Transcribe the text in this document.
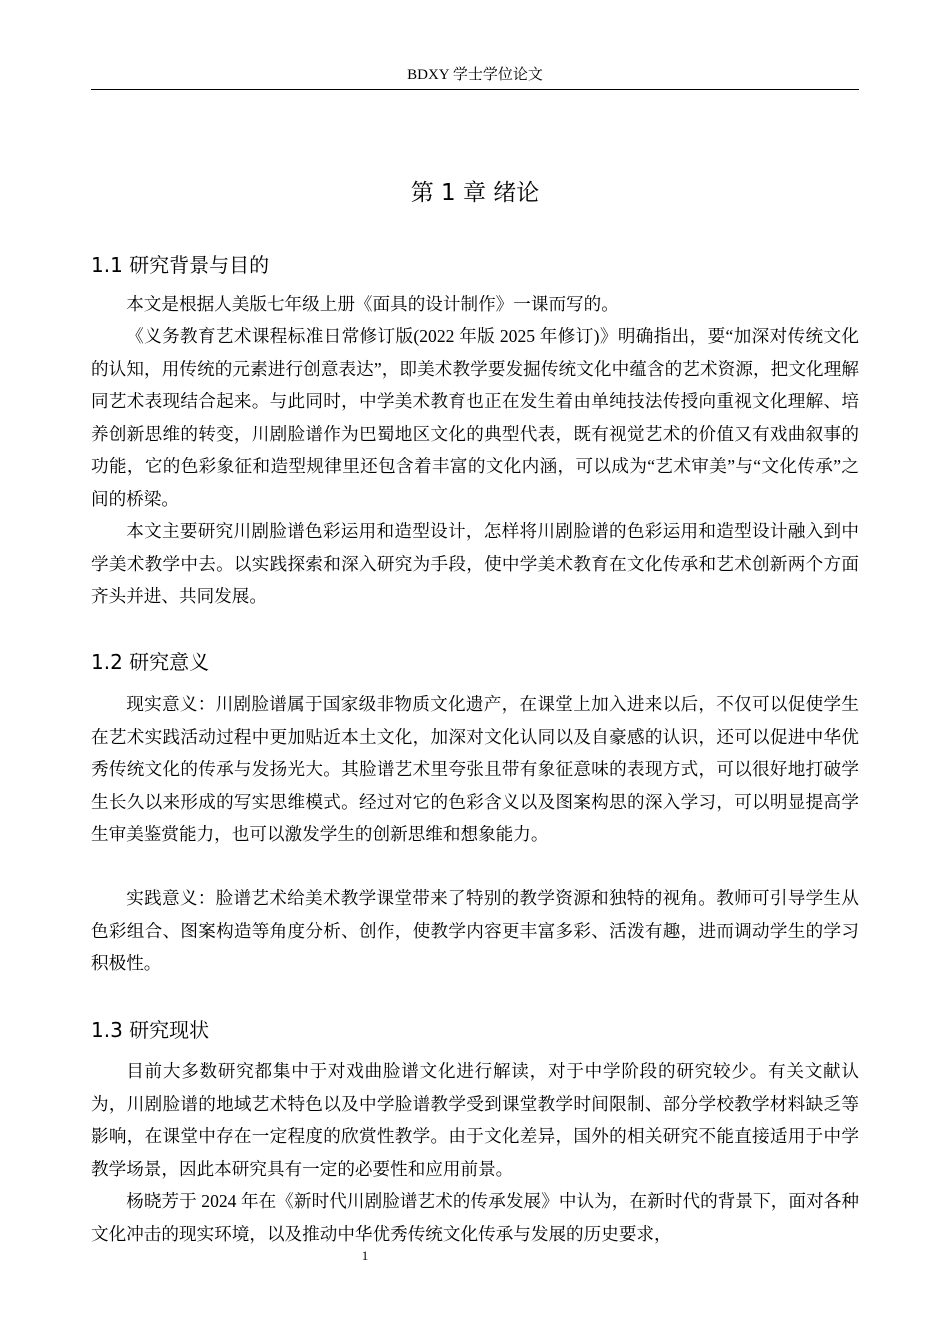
BDXY 学士学位论文
第 1 章 绪论
1.1 研究背景与目的

本文是根据人美版七年级上册《面具的设计制作》一课而写的。

《义务教育艺术课程标准日常修订版(2022 年版 2025 年修订)》明确指出，要“加深对传统文化的认知，用传统的元素进行创意表达”，即美术教学要发掘传统文化中蕴含的艺术资源，把文化理解同艺术表现结合起来。与此同时，中学美术教育也正在发生着由单纯技法传授向重视文化理解、培养创新思维的转变，川剧脸谱作为巴蜀地区文化的典型代表，既有视觉艺术的价值又有戏曲叙事的功能，它的色彩象征和造型规律里还包含着丰富的文化内涵，可以成为“艺术审美”与“文化传承”之间的桥梁。

本文主要研究川剧脸谱色彩运用和造型设计，怎样将川剧脸谱的色彩运用和造型设计融入到中学美术教学中去。以实践探索和深入研究为手段，使中学美术教育在文化传承和艺术创新两个方面齐头并进、共同发展。

1.2 研究意义

现实意义：川剧脸谱属于国家级非物质文化遗产，在课堂上加入进来以后，不仅可以促使学生在艺术实践活动过程中更加贴近本土文化，加深对文化认同以及自豪感的认识，还可以促进中华优秀传统文化的传承与发扬光大。其脸谱艺术里夸张且带有象征意味的表现方式，可以很好地打破学生长久以来形成的写实思维模式。经过对它的色彩含义以及图案构思的深入学习，可以明显提高学生审美鉴赏能力，也可以激发学生的创新思维和想象能力。

实践意义：脸谱艺术给美术教学课堂带来了特别的教学资源和独特的视角。教师可引导学生从色彩组合、图案构造等角度分析、创作，使教学内容更丰富多彩、活泼有趣，进而调动学生的学习积极性。

1.3 研究现状

目前大多数研究都集中于对戏曲脸谱文化进行解读，对于中学阶段的研究较少。有关文献认为，川剧脸谱的地域艺术特色以及中学脸谱教学受到课堂教学时间限制、部分学校教学材料缺乏等影响，在课堂中存在一定程度的欣赏性教学。由于文化差异，国外的相关研究不能直接适用于中学教学场景，因此本研究具有一定的必要性和应用前景。

杨晓芳于 2024 年在《新时代川剧脸谱艺术的传承发展》中认为，在新时代的背景下，面对各种文化冲击的现实环境，以及推动中华优秀传统文化传承与发展的历史要求，

1
